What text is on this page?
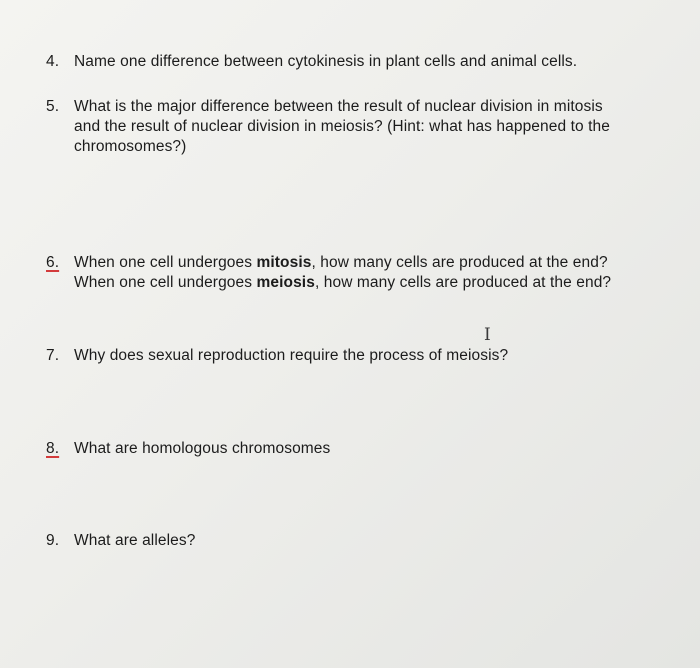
4. Name one difference between cytokinesis in plant cells and animal cells.
5. What is the major difference between the result of nuclear division in mitosis
and the result of nuclear division in meiosis? (Hint: what has happened to the
chromosomes?)
6. When one cell undergoes mitosis, how many cells are produced at the end?
When one cell undergoes meiosis, how many cells are produced at the end?
7. Why does sexual reproduction require the process of meiosis?
I
8. What are homologous chromosomes
9. What are alleles?
